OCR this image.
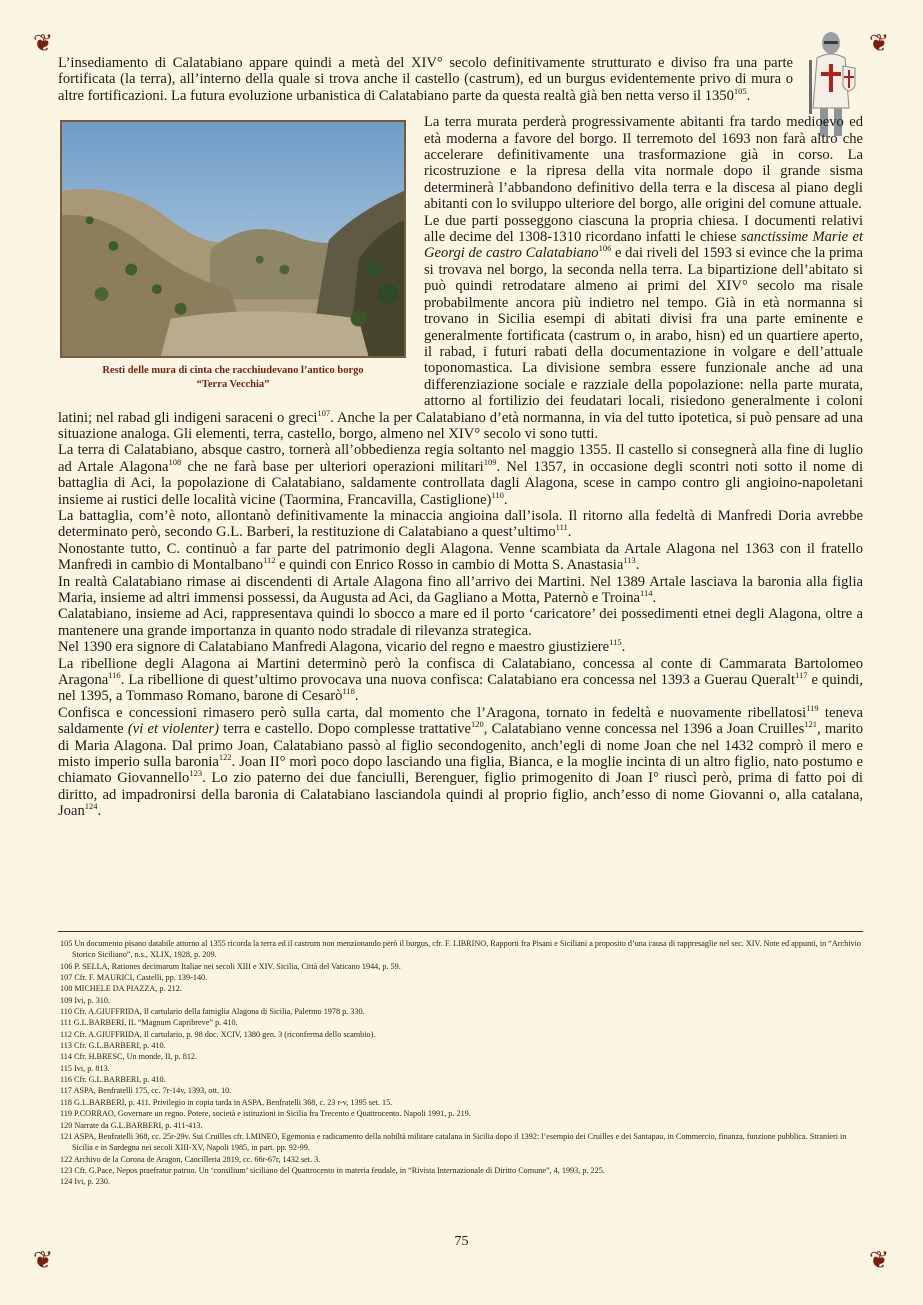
❦	❦
❦	❦

L’insediamento di Calatabiano appare quindi a metà del XIV° secolo definitivamente strutturato e diviso fra una parte fortificata (la terra), all’interno della quale si trova anche il castello (castrum), ed un burgus evidentemente privo di mura o altre fortificazioni. La futura evoluzione urbanistica di Calatabiano parte da questa realtà già ben netta verso il 1350$^{105}$.

Resti delle mura di cinta che racchiudevano l’antico borgo
“Terra Vecchia”

La terra murata perderà progressivamente abitanti fra tardo medioevo ed età moderna a favore del borgo. Il terremoto del 1693 non farà altro che accelerare definitivamente una trasformazione già in corso. La ricostruzione e la ripresa della vita normale dopo il grande sisma determinerà l’abbandono definitivo della terra e la discesa al piano degli abitanti con lo sviluppo ulteriore del borgo, alle origini del comune attuale.

Le due parti posseggono ciascuna la propria chiesa. I documenti relativi alle decime del 1308-1310 ricordano infatti le chiese sanctissime Marie et Georgi de castro Calatabiano$^{106}$ e dai riveli del 1593 si evince che la prima si trovava nel borgo, la seconda nella terra. La bipartizione dell’abitato si può quindi retrodatare almeno ai primi del XIV° secolo ma risale probabilmente ancora più indietro nel tempo. Già in età normanna si trovano in Sicilia esempi di abitati divisi fra una parte eminente e generalmente fortificata (castrum o, in arabo, hisn) ed un quartiere aperto, il rabad, i futuri rabati della documentazione in volgare e dell’attuale toponomastica. La divisione sembra essere funzionale anche ad una differenziazione sociale e razziale della popolazione: nella parte murata, attorno al fortilizio dei feudatari locali, risiedono generalmente i coloni latini; nel rabad gli indigeni saraceni o greci$^{107}$. Anche la per Calatabiano d’età normanna, in via del tutto ipotetica, si può pensare ad una situazione analoga. Gli elementi, terra, castello, borgo, almeno nel XIV° secolo vi sono tutti.

La terra di Calatabiano, absque castro, tornerà all’obbedienza regia soltanto nel maggio 1355. Il castello si consegnerà alla fine di luglio ad Artale Alagona$^{108}$ che ne farà base per ulteriori operazioni militari$^{109}$. Nel 1357, in occasione degli scontri noti sotto il nome di battaglia di Aci, la popolazione di Calatabiano, saldamente controllata dagli Alagona, scese in campo contro gli angioino-napoletani insieme ai rustici delle località vicine (Taormina, Francavilla, Castiglione)$^{110}$.

La battaglia, com’è noto, allontanò definitivamente la minaccia angioina dall’isola. Il ritorno alla fedeltà di Manfredi Doria avrebbe determinato però, secondo G.L. Barberi, la restituzione di Calatabiano a quest’ultimo$^{111}$.

Nonostante tutto, C. continuò a far parte del patrimonio degli Alagona. Venne scambiata da Artale Alagona nel 1363 con il fratello Manfredi in cambio di Montalbano$^{112}$ e quindi con Enrico Rosso in cambio di Motta S. Anastasia$^{113}$.

In realtà Calatabiano rimase ai discendenti di Artale Alagona fino all’arrivo dei Martini. Nel 1389 Artale lasciava la baronia alla figlia Maria, insieme ad altri immensi possessi, da Augusta ad Aci, da Gagliano a Motta, Paternò e Troina$^{114}$.

Calatabiano, insieme ad Aci, rappresentava quindi lo sbocco a mare ed il porto ‘caricatore’ dei possedimenti etnei degli Alagona, oltre a mantenere una grande importanza in quanto nodo stradale di rilevanza strategica.

Nel 1390 era signore di Calatabiano Manfredi Alagona, vicario del regno e maestro giustiziere$^{115}$.

La ribellione degli Alagona ai Martini determinò però la confisca di Calatabiano, concessa al conte di Cammarata Bartolomeo Aragona$^{116}$. La ribellione di quest’ultimo provocava una nuova confisca: Calatabiano era concessa nel 1393 a Guerau Queralt$^{117}$ e quindi, nel 1395, a Tommaso Romano, barone di Cesarò$^{118}$.

Confisca e concessioni rimasero però sulla carta, dal momento che l’Aragona, tornato in fedeltà e nuovamente ribellatosi$^{119}$ teneva saldamente (vi et violenter) terra e castello. Dopo complesse trattative$^{120}$, Calatabiano venne concessa nel 1396 a Joan Cruilles$^{121}$, marito di Maria Alagona. Dal primo Joan, Calatabiano passò al figlio secondogenito, anch’egli di nome Joan che nel 1432 comprò il mero e misto imperio sulla baronia$^{122}$. Joan II° morì poco dopo lasciando una figlia, Bianca, e la moglie incinta di un altro figlio, nato postumo e chiamato Giovannello$^{123}$. Lo zio paterno dei due fanciulli, Berenguer, figlio primogenito di Joan I° riuscì però, prima di fatto poi di diritto, ad impadronirsi della baronia di Calatabiano lasciandola quindi al proprio figlio, anch’esso di nome Giovanni o, alla catalana, Joan$^{124}$.

105 Un documento pisano databile attorno al 1355 ricorda la terra ed il castrum non menzionando però il burgus, cfr. F. LIBRINO, Rapporti fra Pisani e Siciliani a proposito d’una causa di rappresaglie nel sec. XIV. Note ed appunti, in “Archivio Storico Siciliano”, n.s., XLIX, 1928, p. 209.

106 P. SELLA, Rationes decimarum Italiae nei secoli XIII e XIV. Sicilia, Città del Vaticano 1944, p. 59.

107 Cfr. F. MAURICI, Castelli, pp. 139-140.

108 MICHELE DA PIAZZA, p. 212.

109 Ivi, p. 310.

110 Cfr. A.GIUFFRIDA, Il cartulario della famiglia Alagona di Sicilia, Palermo 1978 p. 330.

111 G.L.BARBERI, IL “Magnum Capribreve” p. 410.

112 Cfr. A.GIUFFRIDA, Il cartulario, p. 98 doc. XCIV, 1380 gen. 3 (riconferma dello scambio).

113 Cfr. G.L.BARBERI, p. 410.

114 Cfr. H.BRESC, Un monde, II, p. 812.

115 Ivi, p. 813.

116 Cfr. G.L.BARBERI, p. 410.

117 ASPA, Benfratelli 175, cc. 7r-14v, 1393, ott. 10.

118 G.L.BARBERI, p. 411. Privilegio in copia tarda in ASPA, Benfratelli 368, c. 23 r-v, 1395 set. 15.

119 P.CORRAO, Governare un regno. Potere, società e istituzioni in Sicilia fra Trecento e Quattrocento. Napoli 1991, p. 219.

120 Narrate da G.L.BARBERI, p. 411-413.

121 ASPA, Benfratelli 368, cc. 25r-29v. Sui Cruilles cfr. I.MINEO, Egemonia e radicamento della nobiltà militare catalana in Sicilia dopo il 1392: l’esempio dei Cruilles e dei Santapau, in Commercio, finanza, funzione pubblica. Stranieri in Sicilia e in Sardegna nei secoli XIII-XV, Napoli 1985, in part. pp. 92-99.

122 Archivo de la Corona de Aragon, Cancilleria 2819, cc. 66r-67r, 1432 set. 3.

123 Cfr. G.Pace, Nepos praefratur patruo. Un ‘consilium’ siciliano del Quattrocento in materia feudale, in “Rivista Internazionale di Diritto Comune”, 4, 1993, p. 225.

124 Ivi, p. 230.

75
